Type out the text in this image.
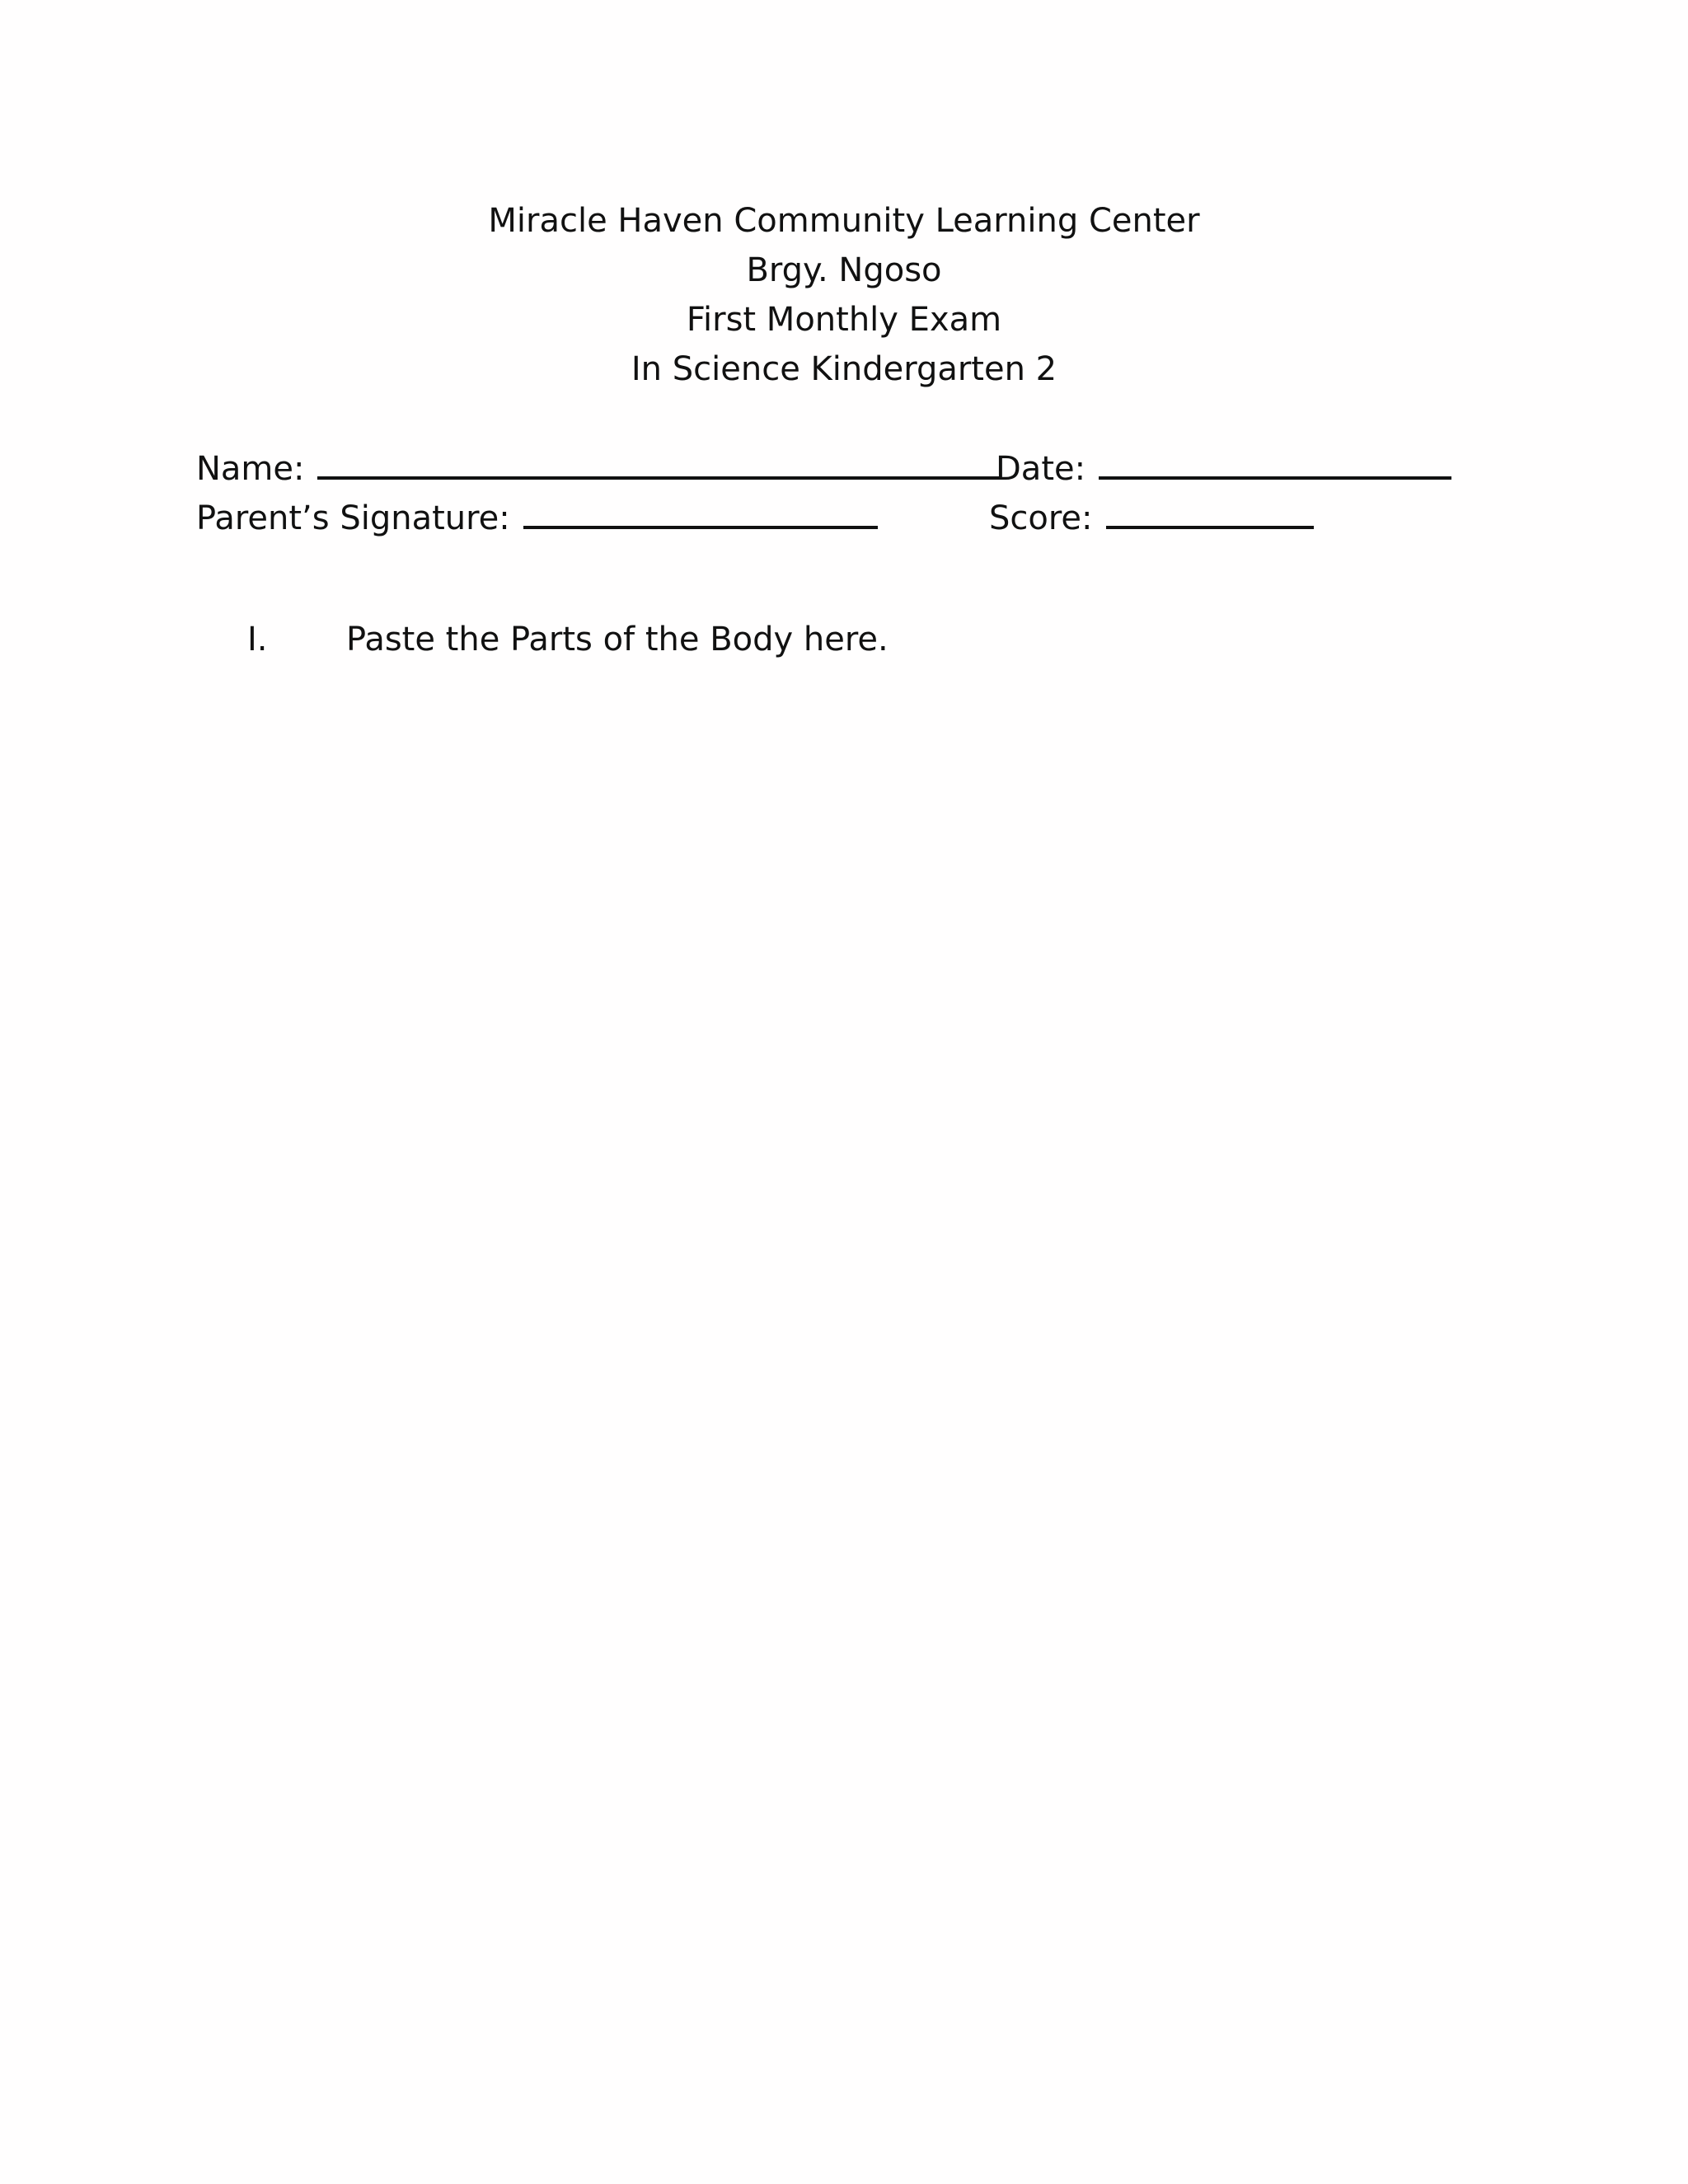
Miracle Haven Community Learning Center
Brgy. Ngoso
First Monthly Exam
In Science Kindergarten 2
Name:	Date:
Parent’s Signature:	Score:
I. Paste the Parts of the Body here.
